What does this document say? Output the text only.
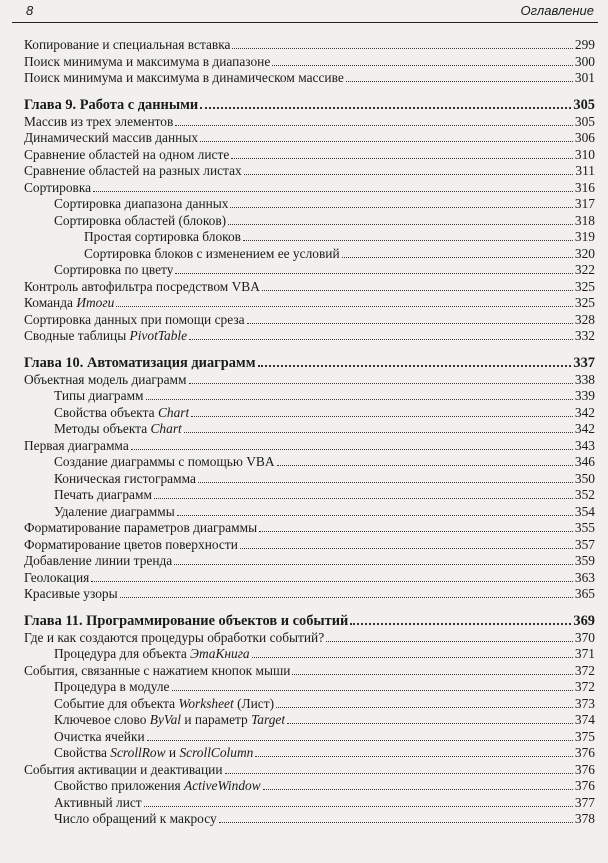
8	Оглавление
Копирование и специальная вставка	299
Поиск минимума и максимума в диапазоне	300
Поиск минимума и максимума в динамическом массиве	301
Глава 9. Работа с данными	305
Массив из трех элементов	305
Динамический массив данных	306
Сравнение областей на одном листе	310
Сравнение областей на разных листах	311
Сортировка	316
Сортировка диапазона данных	317
Сортировка областей (блоков)	318
Простая сортировка блоков	319
Сортировка блоков с изменением ее условий	320
Сортировка по цвету	322
Контроль автофильтра посредством VBA	325
Команда Итоги	325
Сортировка данных при помощи среза	328
Сводные таблицы PivotTable	332
Глава 10. Автоматизация диаграмм	337
Объектная модель диаграмм	338
Типы диаграмм	339
Свойства объекта Chart	342
Методы объекта Chart	342
Первая диаграмма	343
Создание диаграммы с помощью VBA	346
Коническая гистограмма	350
Печать диаграмм	352
Удаление диаграммы	354
Форматирование параметров диаграммы	355
Форматирование цветов поверхности	357
Добавление линии тренда	359
Геолокация	363
Красивые узоры	365
Глава 11. Программирование объектов и событий	369
Где и как создаются процедуры обработки событий?	370
Процедура для объекта ЭтаКнига	371
События, связанные с нажатием кнопок мыши	372
Процедура в модуле	372
Событие для объекта Worksheet (Лист)	373
Ключевое слово ByVal и параметр Target	374
Очистка ячейки	375
Свойства ScrollRow и ScrollColumn	376
События активации и деактивации	376
Свойство приложения ActiveWindow	376
Активный лист	377
Число обращений к макросу	378
